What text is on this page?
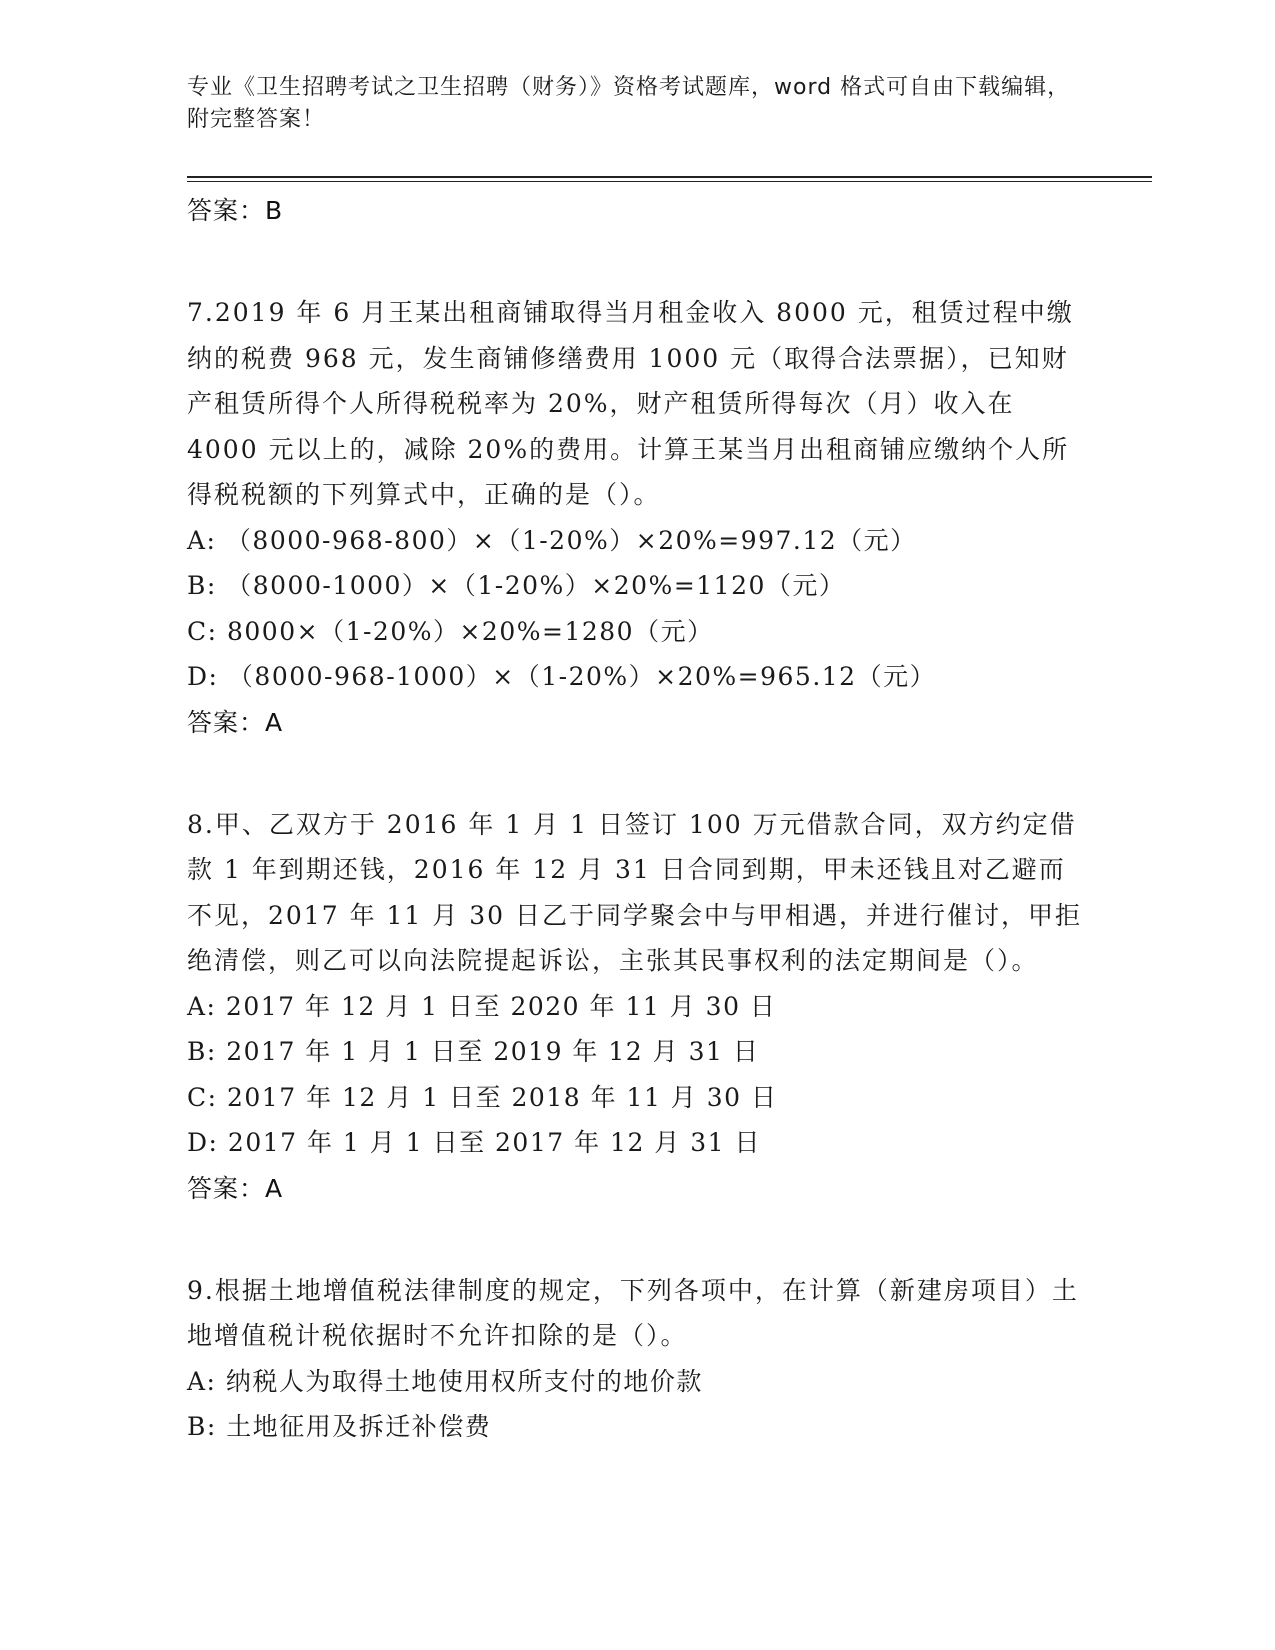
专业《卫生招聘考试之卫生招聘（财务）》资格考试题库，word 格式可自由下载编辑，附完整答案！
答案：B

7.2019 年 6 月王某出租商铺取得当月租金收入 8000 元，租赁过程中缴纳的税费 968 元，发生商铺修缮费用 1000 元（取得合法票据），已知财产租赁所得个人所得税税率为 20%，财产租赁所得每次（月）收入在 4000 元以上的，减除 20%的费用。计算王某当月出租商铺应缴纳个人所得税税额的下列算式中，正确的是（）。

A: （8000-968-800）×（1-20%）×20%=997.12（元）
B: （8000-1000）×（1-20%）×20%=1120（元）
C: 8000×（1-20%）×20%=1280（元）
D: （8000-968-1000）×（1-20%）×20%=965.12（元）
答案：A

8.甲、乙双方于 2016 年 1 月 1 日签订 100 万元借款合同，双方约定借款 1 年到期还钱，2016 年 12 月 31 日合同到期，甲未还钱且对乙避而不见，2017 年 11 月 30 日乙于同学聚会中与甲相遇，并进行催讨，甲拒绝清偿，则乙可以向法院提起诉讼，主张其民事权利的法定期间是（）。

A: 2017 年 12 月 1 日至 2020 年 11 月 30 日
B: 2017 年 1 月 1 日至 2019 年 12 月 31 日
C: 2017 年 12 月 1 日至 2018 年 11 月 30 日
D: 2017 年 1 月 1 日至 2017 年 12 月 31 日
答案：A

9.根据土地增值税法律制度的规定，下列各项中，在计算（新建房项目）土地增值税计税依据时不允许扣除的是（）。

A: 纳税人为取得土地使用权所支付的地价款
B: 土地征用及拆迁补偿费
